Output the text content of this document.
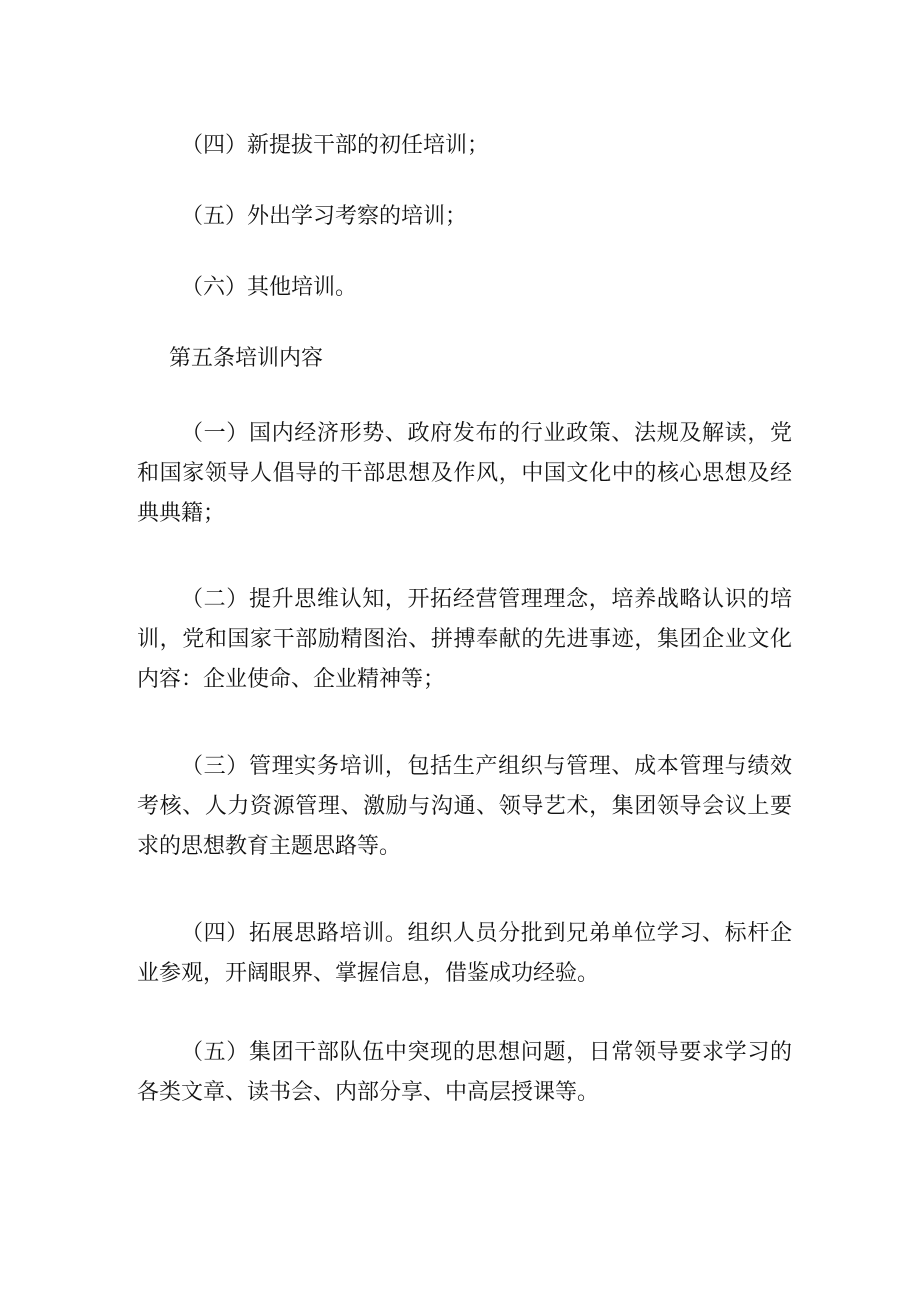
（四）新提拔干部的初任培训；

（五）外出学习考察的培训；

（六）其他培训。

第五条培训内容

（一）国内经济形势、政府发布的行业政策、法规及解读，党和国家领导人倡导的干部思想及作风，中国文化中的核心思想及经典典籍；

（二）提升思维认知，开拓经营管理理念，培养战略认识的培训，党和国家干部励精图治、拼搏奉献的先进事迹，集团企业文化内容：企业使命、企业精神等；

（三）管理实务培训，包括生产组织与管理、成本管理与绩效考核、人力资源管理、激励与沟通、领导艺术，集团领导会议上要求的思想教育主题思路等。

（四）拓展思路培训。组织人员分批到兄弟单位学习、标杆企业参观，开阔眼界、掌握信息，借鉴成功经验。

（五）集团干部队伍中突现的思想问题，日常领导要求学习的各类文章、读书会、内部分享、中高层授课等。
